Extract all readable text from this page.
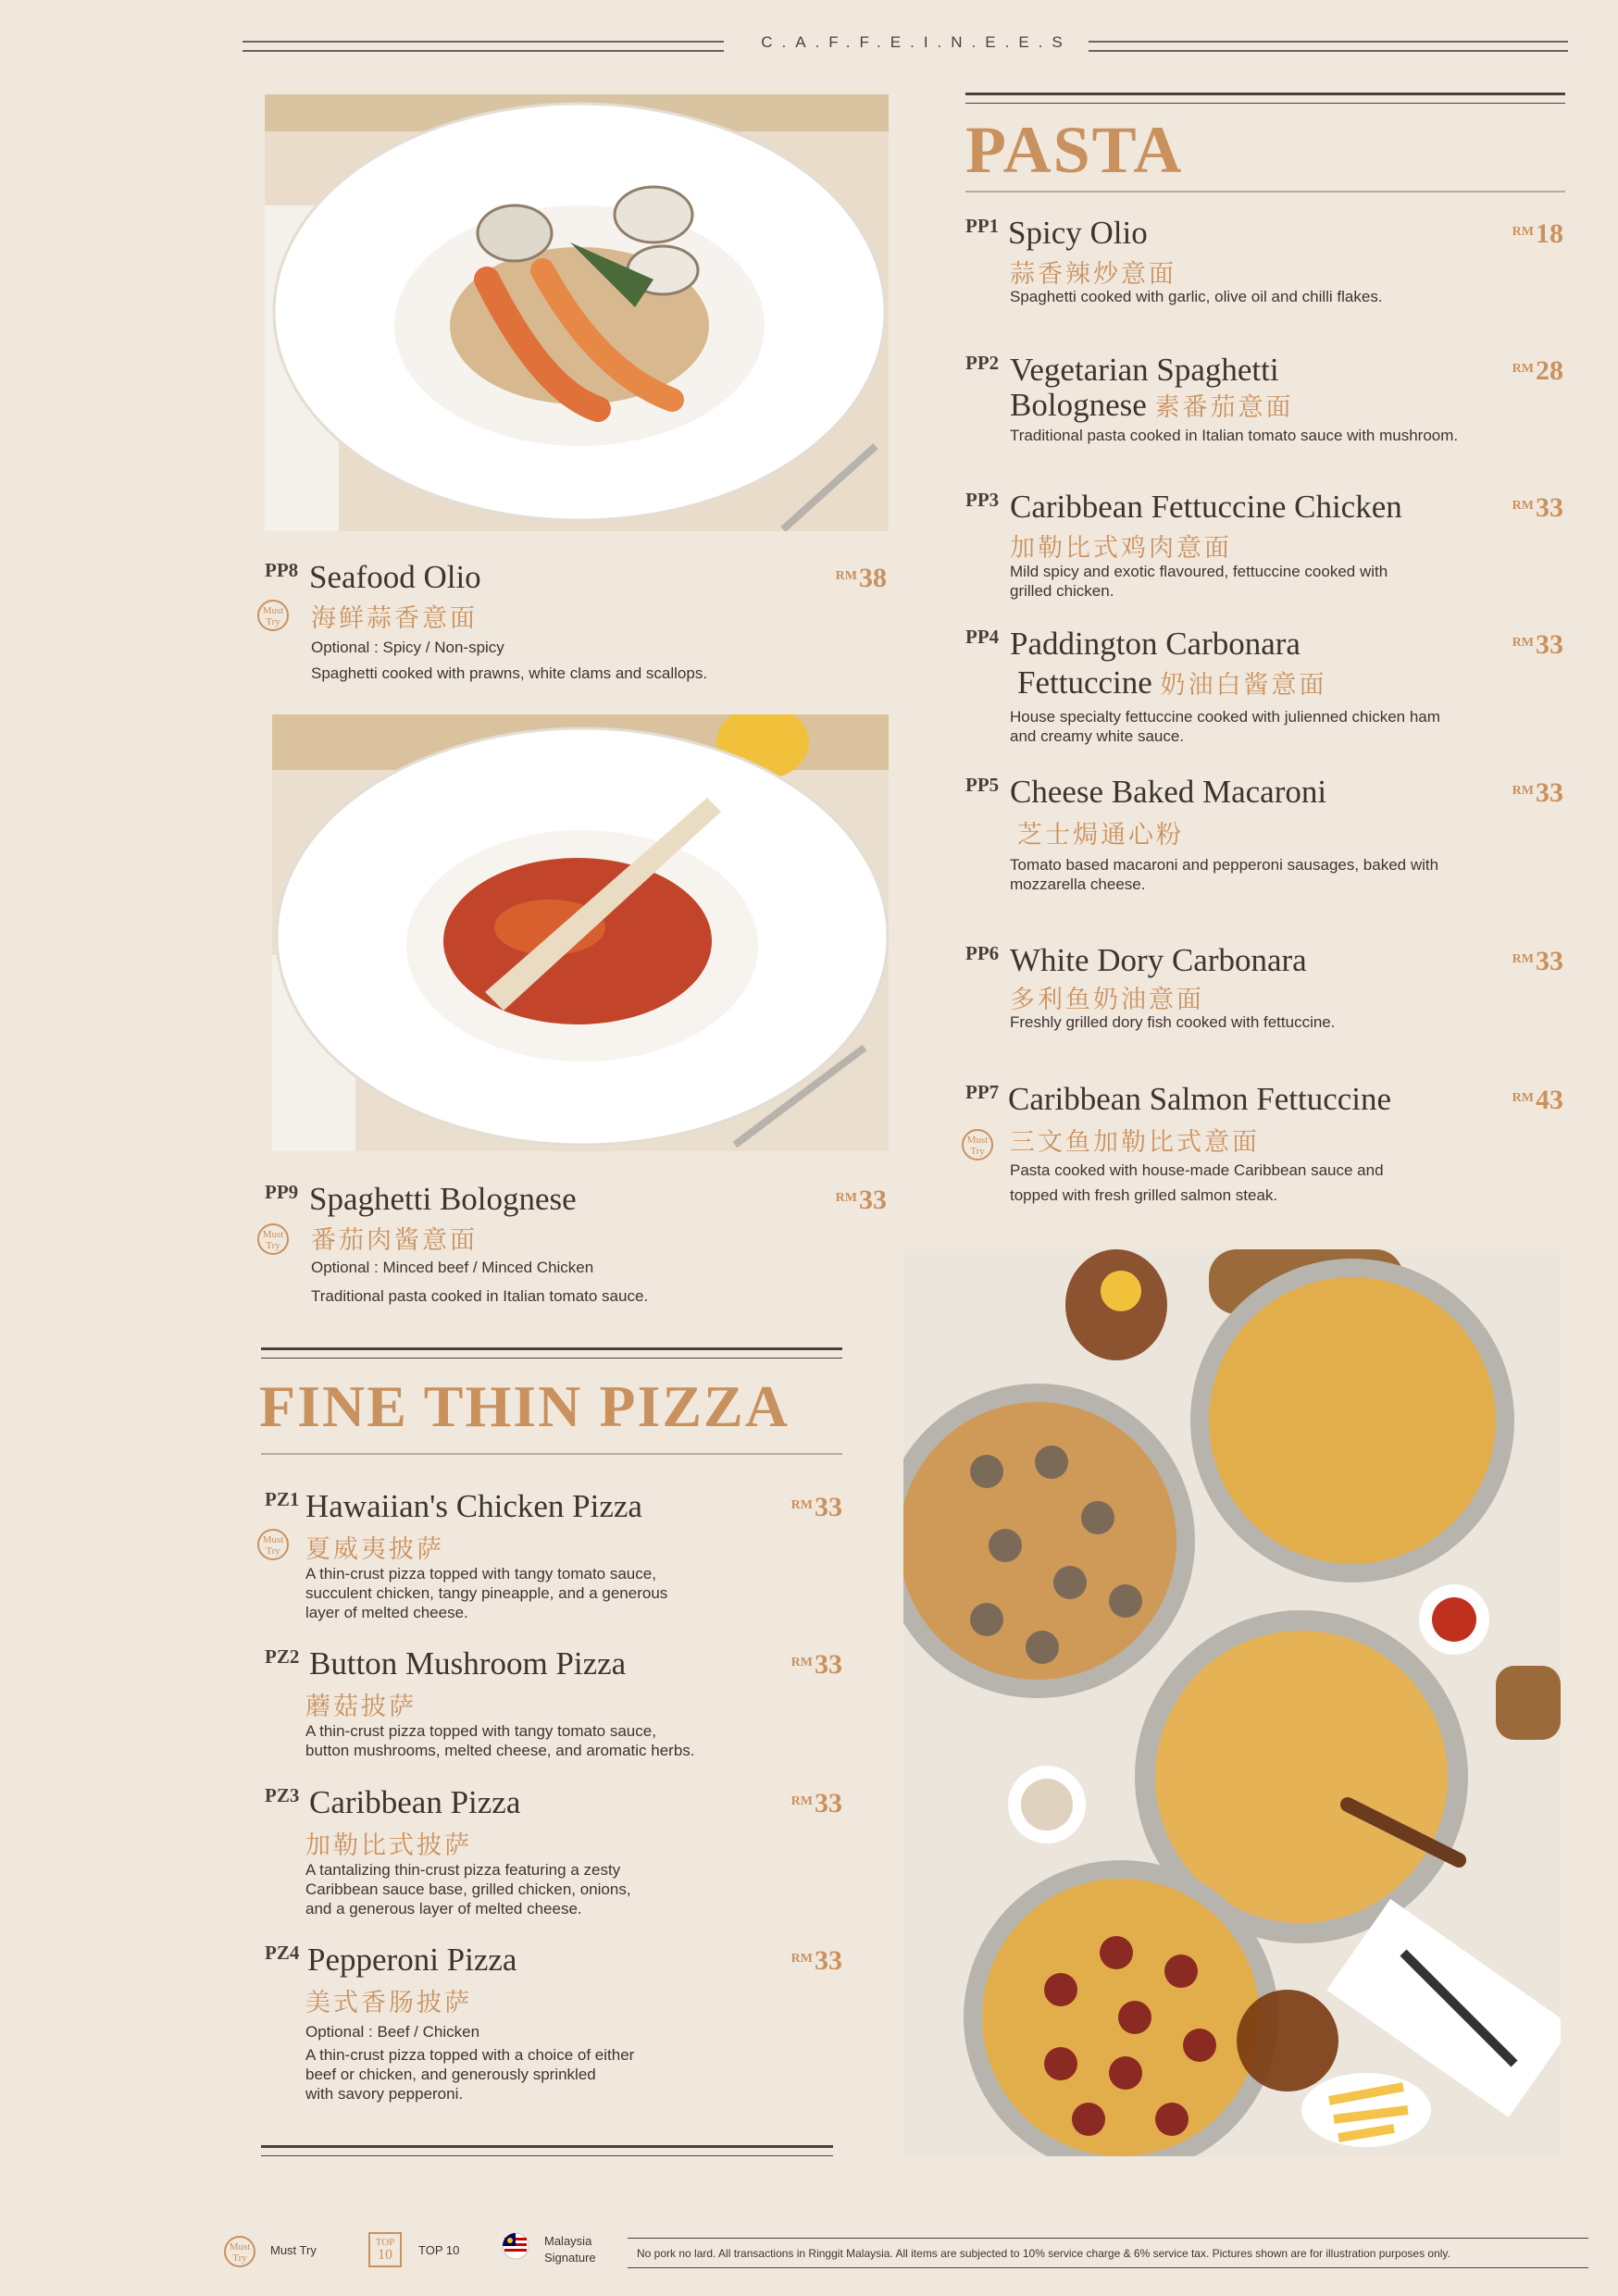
C.A.F.F.E.I.N.E.E.S
PASTA
PP1 Spicy Olio	RM18
蒜香辣炒意面
Spaghetti cooked with garlic, olive oil and chilli flakes.
PP2 Vegetarian Spaghetti
Bolognese 素番茄意面
RM28
Traditional pasta cooked in Italian tomato sauce with mushroom.
PP3 Caribbean Fettuccine Chicken	RM33
加勒比式鸡肉意面
Mild spicy and exotic flavoured, fettuccine cooked with
grilled chicken.
PP4 Paddington Carbonara
Fettuccine 奶油白酱意面
RM33
House specialty fettuccine cooked with julienned chicken ham
and creamy white sauce.
PP5 Cheese Baked Macaroni	RM33
芝士焗通心粉
Tomato based macaroni and pepperoni sausages, baked with
mozzarella cheese.
PP6 White Dory Carbonara	RM33
多利鱼奶油意面
Freshly grilled dory fish cooked with fettuccine.
PP7 Caribbean Salmon Fettuccine	RM43
Must
Try	三文鱼加勒比式意面
Pasta cooked with house-made Caribbean sauce and
topped with fresh grilled salmon steak.
PP8 Seafood Olio	RM38
Must
Try	海鲜蒜香意面
Optional : Spicy / Non-spicy
Spaghetti cooked with prawns, white clams and scallops.
PP9 Spaghetti Bolognese	RM33
Must
Try	番茄肉酱意面
Optional : Minced beef / Minced Chicken
Traditional pasta cooked in Italian tomato sauce.
FINE THIN PIZZA
PZ1 Hawaiian's Chicken Pizza	RM33
Must
Try	夏威夷披萨
A thin-crust pizza topped with tangy tomato sauce,
succulent chicken, tangy pineapple, and a generous
layer of melted cheese.
PZ2 Button Mushroom Pizza	RM33
蘑菇披萨
A thin-crust pizza topped with tangy tomato sauce,
button mushrooms, melted cheese, and aromatic herbs.
PZ3 Caribbean Pizza	RM33
加勒比式披萨
A tantalizing thin-crust pizza featuring a zesty
Caribbean sauce base, grilled chicken, onions,
and a generous layer of melted cheese.
PZ4 Pepperoni Pizza	RM33
美式香肠披萨
Optional : Beef / Chicken
A thin-crust pizza topped with a choice of either
beef or chicken, and generously sprinkled
with savory pepperoni.
Must
Try
Must Try
TOP
10	TOP 10
Malaysia
Signature	No pork no lard. All transactions in Ringgit Malaysia. All items are subjected to 10% service charge & 6% service tax. Pictures shown are for illustration purposes only.
